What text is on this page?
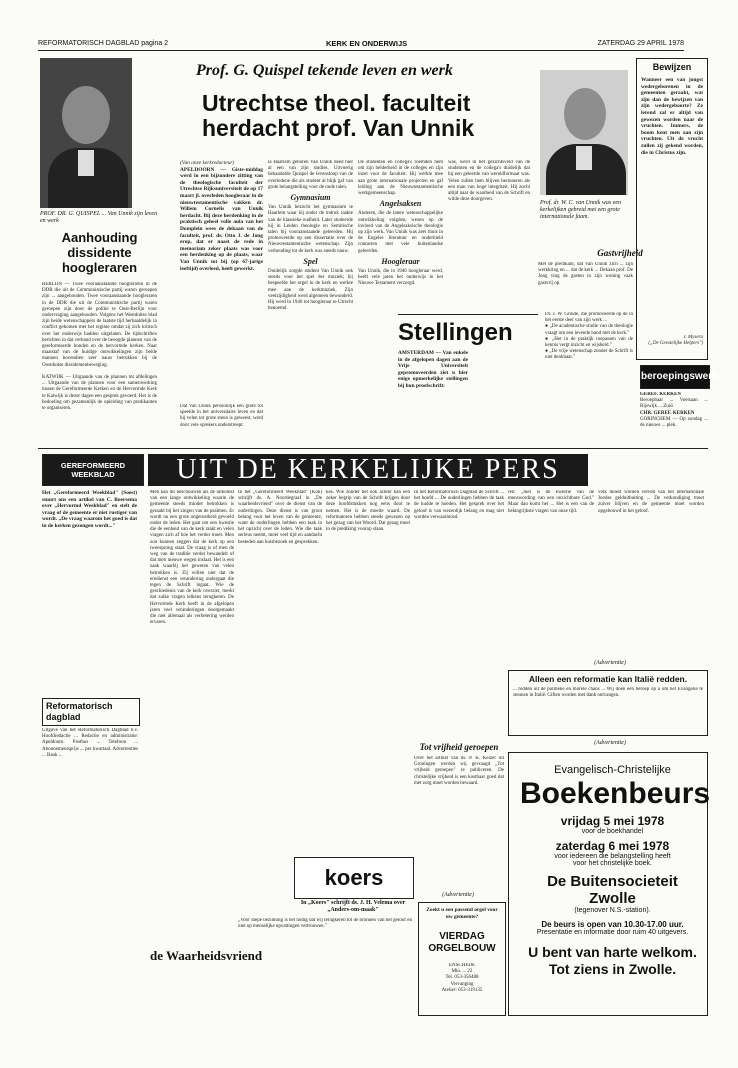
REFORMATORISCH DAGBLAD pagina 2	KERK EN ONDERWIJS	ZATERDAG 29 APRIL 1978
PROF. DR. G. QUISPEL ... Van Unnik zijn leven en werk
Prof. G. Quispel tekende leven en werk
Utrechtse theol. faculteit herdacht prof. Van Unnik
Prof. dr. W. C. van Unnik was een kerkelijken gebreid met een grote internationale faam.
Aanhouding dissidente hoogleraren
BERLIJN — Twee vooraanstaande hoogleraren in de DDR die uit de Communistische partij waren geroepen zijn ... aangehouden. Twee vooraanstaande hoogleraren in de DDR die uit de Communistische partij waren geroepen zijn door de politie te Oost-Berlijn voor ondervraging aangehouden. Volgens het Westduitse blad zijn beide wetenschappers de laatste tijd herhaaldelijk in conflict gekomen met het regime omdat zij zich kritisch over het onderwijs hadden uitgelaten. De tijdschriften berichten in dat verband over de beoogde plannen van de gereformeerde bonden en de hervormde kerken. Naar maatstaf van de huidige ontwikkelingen zijn beide mannen bovendien zeer nauw betrokken bij de Oostduitse dissidentenbeweging.

KATWIJK — Uitgaande van de plannen tot afdelingen ... Uitgaande van de plannen voor een samenwerking tussen de Gereformeerde Kerken en de Hervormde Kerk te Katwijk is dezer dagen een gesprek gevoerd. Het is de bedoeling om gezamenlijk de opleiding van predikanten te organiseren.
(Van onze kerkredacteur)
APELDOORN — Giste-middag werd in een bijzondere zitting van de theologische faculteit der Utrechtse Rijksuniversiteit de op 17 maart jl. overleden hoogleraar in de nieuwtestamentische vakken dr. Willem Cornelis van Unnik herdacht. Bij deze herdenking in de praktisch geheel volle aula van het Domplein wees de dekaan van de faculteit, prof. dr. Otto J. de Jong erop, dat er naast de rede in memoriam zeker plaats was voor een herdenking op de plaats, waar Van Unnik tot bij (op 67-jarige leeftijd) overleed, heeft gewerkt.
Dat Van Unnik persoonlijk een grote rol speelde in het universitaire leven en dat hij velen tot grote steun is geweest, werd door vele sprekers onderstreept.
la Haarlem geboren Van Unnik deed hier al een van zijn studies. Uitvoerig behandelde Quispel de levensloop van de overledene die als student al blijk gaf van grote belangstelling voor de oude talen.
Gymnasium
Van Unnik bezocht het gymnasium te Haarlem waar hij onder de indruk raakte van de klassieke oudheid. Later studeerde hij in Leiden theologie en Semitische talen bij vooraanstaande geleerden. Hij promoveerde op een dissertatie over de Nieuwtestamentische wetenschap. Zijn verhouding tot de kerk was steeds nauw.
Spel
Duidelijk zorgde student Van Unnik ook steeds voor het spel der muziek; hij bespeelde het orgel in de kerk en werkte mee aan de kerkmuziek. Zijn veelzijdigheid werd algemeen bewonderd. Hij werd in 1946 tot hoogleraar te Utrecht benoemd.
De studenten en collega's roemden hem om zijn helderheid in de colleges en zijn inzet voor de faculteit. Hij werkte mee aan grote internationale projecten en gaf leiding aan de Nieuwtestamentische werkgemeenschap.
Angelsaksen
Anderen, die de latere wetenschappelijke ontwikkeling volgden, wezen op de invloed van de Angelsaksische theologie op zijn werk. Van Unnik was zeer thuis in de Engelse literatuur en onderhield contacten met vele buitenlandse geleerden.
Hoogleraar
Van Unnik, die in 1946 hoogleraar werd, heeft vele jaren het onderwijs in het Nieuwe Testament verzorgd.
was, werd in het gezichtsveld van de studenten en de collega's duidelijk dat hij een geleerde van wereldformaat was. Velen zullen hem blijven herinneren als een man van hoge integriteit. Hij zocht altijd naar de waarheid van de Schrift en wilde deze doorgeven.
Gastvrijheid
Met de predikant, dat Van Unnik zich ... zijn werkkring en ... dat de kerk ... Dekaan prof. De Jong ving de gasten in zijn woning vaak gastvrij op.
Bewijzen
Wanneer een van jongst wedergeborenen in de gemeenten geraakt, wat zijn dan de bewijzen van zijn wedergeboorte? Ze lerend zal er altijd van gewezen worden naar de vruchten. Immers, de boom kent men aan zijn vruchten. Uit de vrucht zullen zij gekend worden, die in Christus zijn.
I. Mysera
(„De Geestelijke Helpers")
beroepingswerk
GEREF. KERKEN
Beroepbaar ... Voetsaan ... Rijswijk ... Zuid.
CHR. GEREF. KERKEN
GORINCHEM — Op zondag ... de nieuwe ... plek.
Stellingen
AMSTERDAM — Van enkele in de afgelopen dagen aan de Vrije Universiteit gepromoveerden ziet u hier enige opmerkelijke stellingen bij hun proefschrift:
Dr. J. W. Grinde, die promoveerde op de in het eerste deel van zijn werk ...
● „De academische studie van de theologie vraagt om een levende band met de kerk."
● „Het in de praktijk toepassen van de kennis vergt inzicht en wijsheid."
● „De vrije wetenschap zonder de Schrift is niet denkbaar."
GEREFORMEERD WEEKBLAD	UIT DE KERKELIJKE PERS
Het „Gereformeerd Weekblad" (Soest) stuurt ons een artikel van C. Boersema over „Hervormd Weekblad" en stelt de vraag of de gemeente er niet rustiger van wordt. „De vraag waarom het goed is dat in de kerken gezongen wordt..."
Reformatorisch dagblad
Uitgave van het Reformatorisch Dagblad b.v. Hoofdredactie ... Redactie en administratie: Apeldoorn. Postbus ... Telefoon ... Abonnementsprijs ... per kwartaal. Advertenties ... Bank ...
Men kan dit beschouwen als de uitkomst van een lange ontwikkeling waarin de gemeente steeds minder betrokken is geraakt bij het zingen van de psalmen. Er wordt nu een grote ongerustheid gevoeld onder de leden. Het gaat om een kwestie die de eenheid van de kerk raakt en velen vragen zich af hoe het verder moet. Men zou kunnen zeggen dat de kerk op een tweesprong staat. De vraag is of men de weg van de traditie verder bewandelt of dat men nieuwe wegen inslaat. Het is een zaak waarbij het geweten van velen betrokken is. Zij willen niet dat de eredienst een verandering ondergaat die tegen de Schrift ingaat. Wie de geschiedenis van de kerk overziet, merkt dat zulke vragen telkens terugkeren. De Hervormde Kerk heeft in de afgelopen jaren veel veranderingen doorgemaakt die niet allemaal als verbetering werden ervaren.
In het „Gereformeerd Weekblad" (Kok) schrijft ds. A. Noordegraaf in „De waarheidsvriend" over de dienst van de ouderlingen. Deze dienst is van groot belang voor het leven van de gemeente, want de ouderlingen hebben een taak in het opzicht over de leden. Wie die taak serieus neemt, moet veel tijd en aandacht besteden aan huisbezoek en gesprekken.
koers
In „Koers" schrijft ds. J. H. Velema over „Anders-om-maak"
„Voor diepe bezinning is het nodig dat wij terugkeren tot de bronnen van het geloof en niet op menselijke opvattingen vertrouwen."
kes. Wie zonder het ook achter kan een zeker begrip van de Schrift krijgen door deze hoofdstukken nog eens door te nemen. Het is de moeite waard. De reformatoren hebben steeds gewezen op het gezag van het Woord. Dat gezag moet in de prediking voorop staan.
Tot vrijheid geroepen
In het Reformatorisch Dagblad de Schrift ... het hoofd ... De ouderlingen hebben de taak de kudde te hoeden. Het gesprek over het geloof is van wezenlijk belang en mag niet worden verwaarloosd.
Over het artikel van ds. P. K. Keizer uit Groningen werden wij gevraagd „Tot vrijheid geroepen" te publiceren. De christelijke vrijheid is een kostbaar goed dat met zorg moet worden bewaard.
ren: „hier is de kwestie van de menswording van een onzichtbare God." Maar dan komt het ... Het is een van de belangrijkste vragen van onze tijd.
volk moest worden verlost van het internationale Joodse gelduitbuiting ... De verkondiging moet zuiver blijven en de gemeente moet worden opgebouwd in het geloof.
(Advertentie)
Alleen een reformatie kan Italië redden.
... redden uit de politieke en morele chaos ... Wij doen een beroep op u om het Evangelie te steunen in Italië. Giften worden met dank ontvangen.
(Advertentie)
de Waarheidsvriend
(Advertentie)
Zoekt u een passend orgel voor uw gemeente?
VIERDAG ORGELBOUW
ENSCHEDE
Min. ... 22
Tel. 053-356488
Vervanging
Atelier: 053-319135
Evangelisch-Christelijke
Boekenbeurs
vrijdag 5 mei 1978
voor de boekhandel
zaterdag 6 mei 1978
voor iedereen die belangstelling heeft
voor het christelijke boek.
De Buitensocieteit
Zwolle
(tegenover N.S.-station).
De beurs is open van 10.30-17.00 uur.
Presentatie en informatie door ruim 40 uitgevers.
U bent van harte welkom.
Tot ziens in Zwolle.
